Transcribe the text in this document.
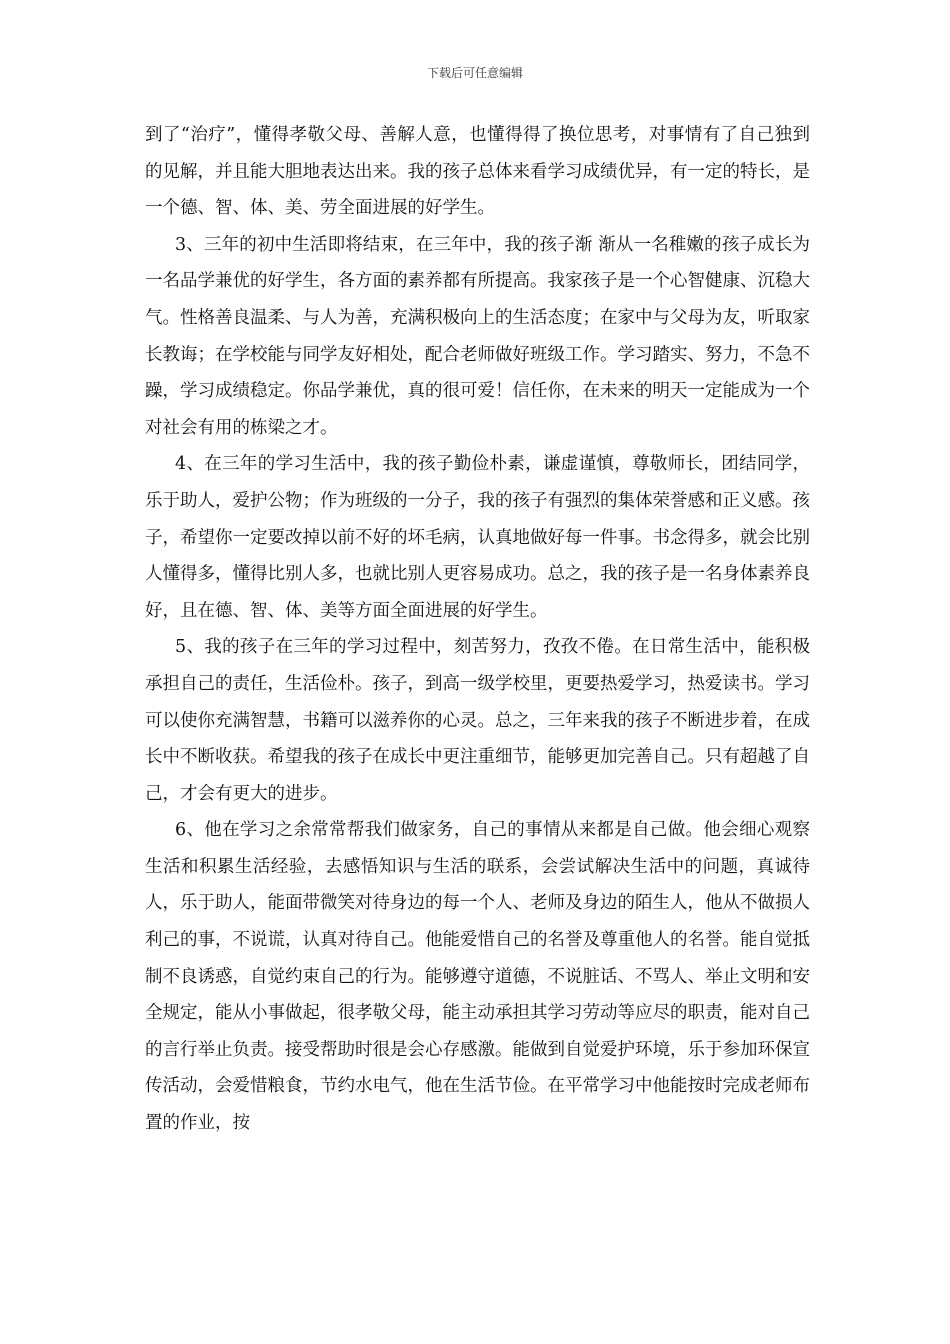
下载后可任意编辑

到了“治疗”，懂得孝敬父母、善解人意，也懂得得了换位思考，对事情有了自己独到的见解，并且能大胆地表达出来。我的孩子总体来看学习成绩优异，有一定的特长，是一个德、智、体、美、劳全面进展的好学生。

3、三年的初中生活即将结束，在三年中，我的孩子渐 渐从一名稚嫩的孩子成长为一名品学兼优的好学生，各方面的素养都有所提高。我家孩子是一个心智健康、沉稳大气。性格善良温柔、与人为善，充满积极向上的生活态度；在家中与父母为友，听取家长教诲；在学校能与同学友好相处，配合老师做好班级工作。学习踏实、努力，不急不躁，学习成绩稳定。你品学兼优，真的很可爱！信任你，在未来的明天一定能成为一个对社会有用的栋梁之才。

4、在三年的学习生活中，我的孩子勤俭朴素，谦虚谨慎，尊敬师长，团结同学，乐于助人，爱护公物；作为班级的一分子，我的孩子有强烈的集体荣誉感和正义感。孩子，希望你一定要改掉以前不好的坏毛病，认真地做好每一件事。书念得多，就会比别人懂得多，懂得比别人多，也就比别人更容易成功。总之，我的孩子是一名身体素养良好，且在德、智、体、美等方面全面进展的好学生。

5、我的孩子在三年的学习过程中，刻苦努力，孜孜不倦。在日常生活中，能积极承担自己的责任，生活俭朴。孩子，到高一级学校里，更要热爱学习，热爱读书。学习可以使你充满智慧，书籍可以滋养你的心灵。总之，三年来我的孩子不断进步着，在成长中不断收获。希望我的孩子在成长中更注重细节，能够更加完善自己。只有超越了自己，才会有更大的进步。

6、他在学习之余常常帮我们做家务，自己的事情从来都是自己做。他会细心观察生活和积累生活经验，去感悟知识与生活的联系，会尝试解决生活中的问题，真诚待人，乐于助人，能面带微笑对待身边的每一个人、老师及身边的陌生人，他从不做损人利己的事，不说谎，认真对待自己。他能爱惜自己的名誉及尊重他人的名誉。能自觉抵制不良诱惑，自觉约束自己的行为。能够遵守道德，不说脏话、不骂人、举止文明和安全规定，能从小事做起，很孝敬父母，能主动承担其学习劳动等应尽的职责，能对自己的言行举止负责。接受帮助时很是会心存感激。能做到自觉爱护环境，乐于参加环保宣传活动，会爱惜粮食，节约水电气，他在生活节俭。在平常学习中他能按时完成老师布置的作业，按
